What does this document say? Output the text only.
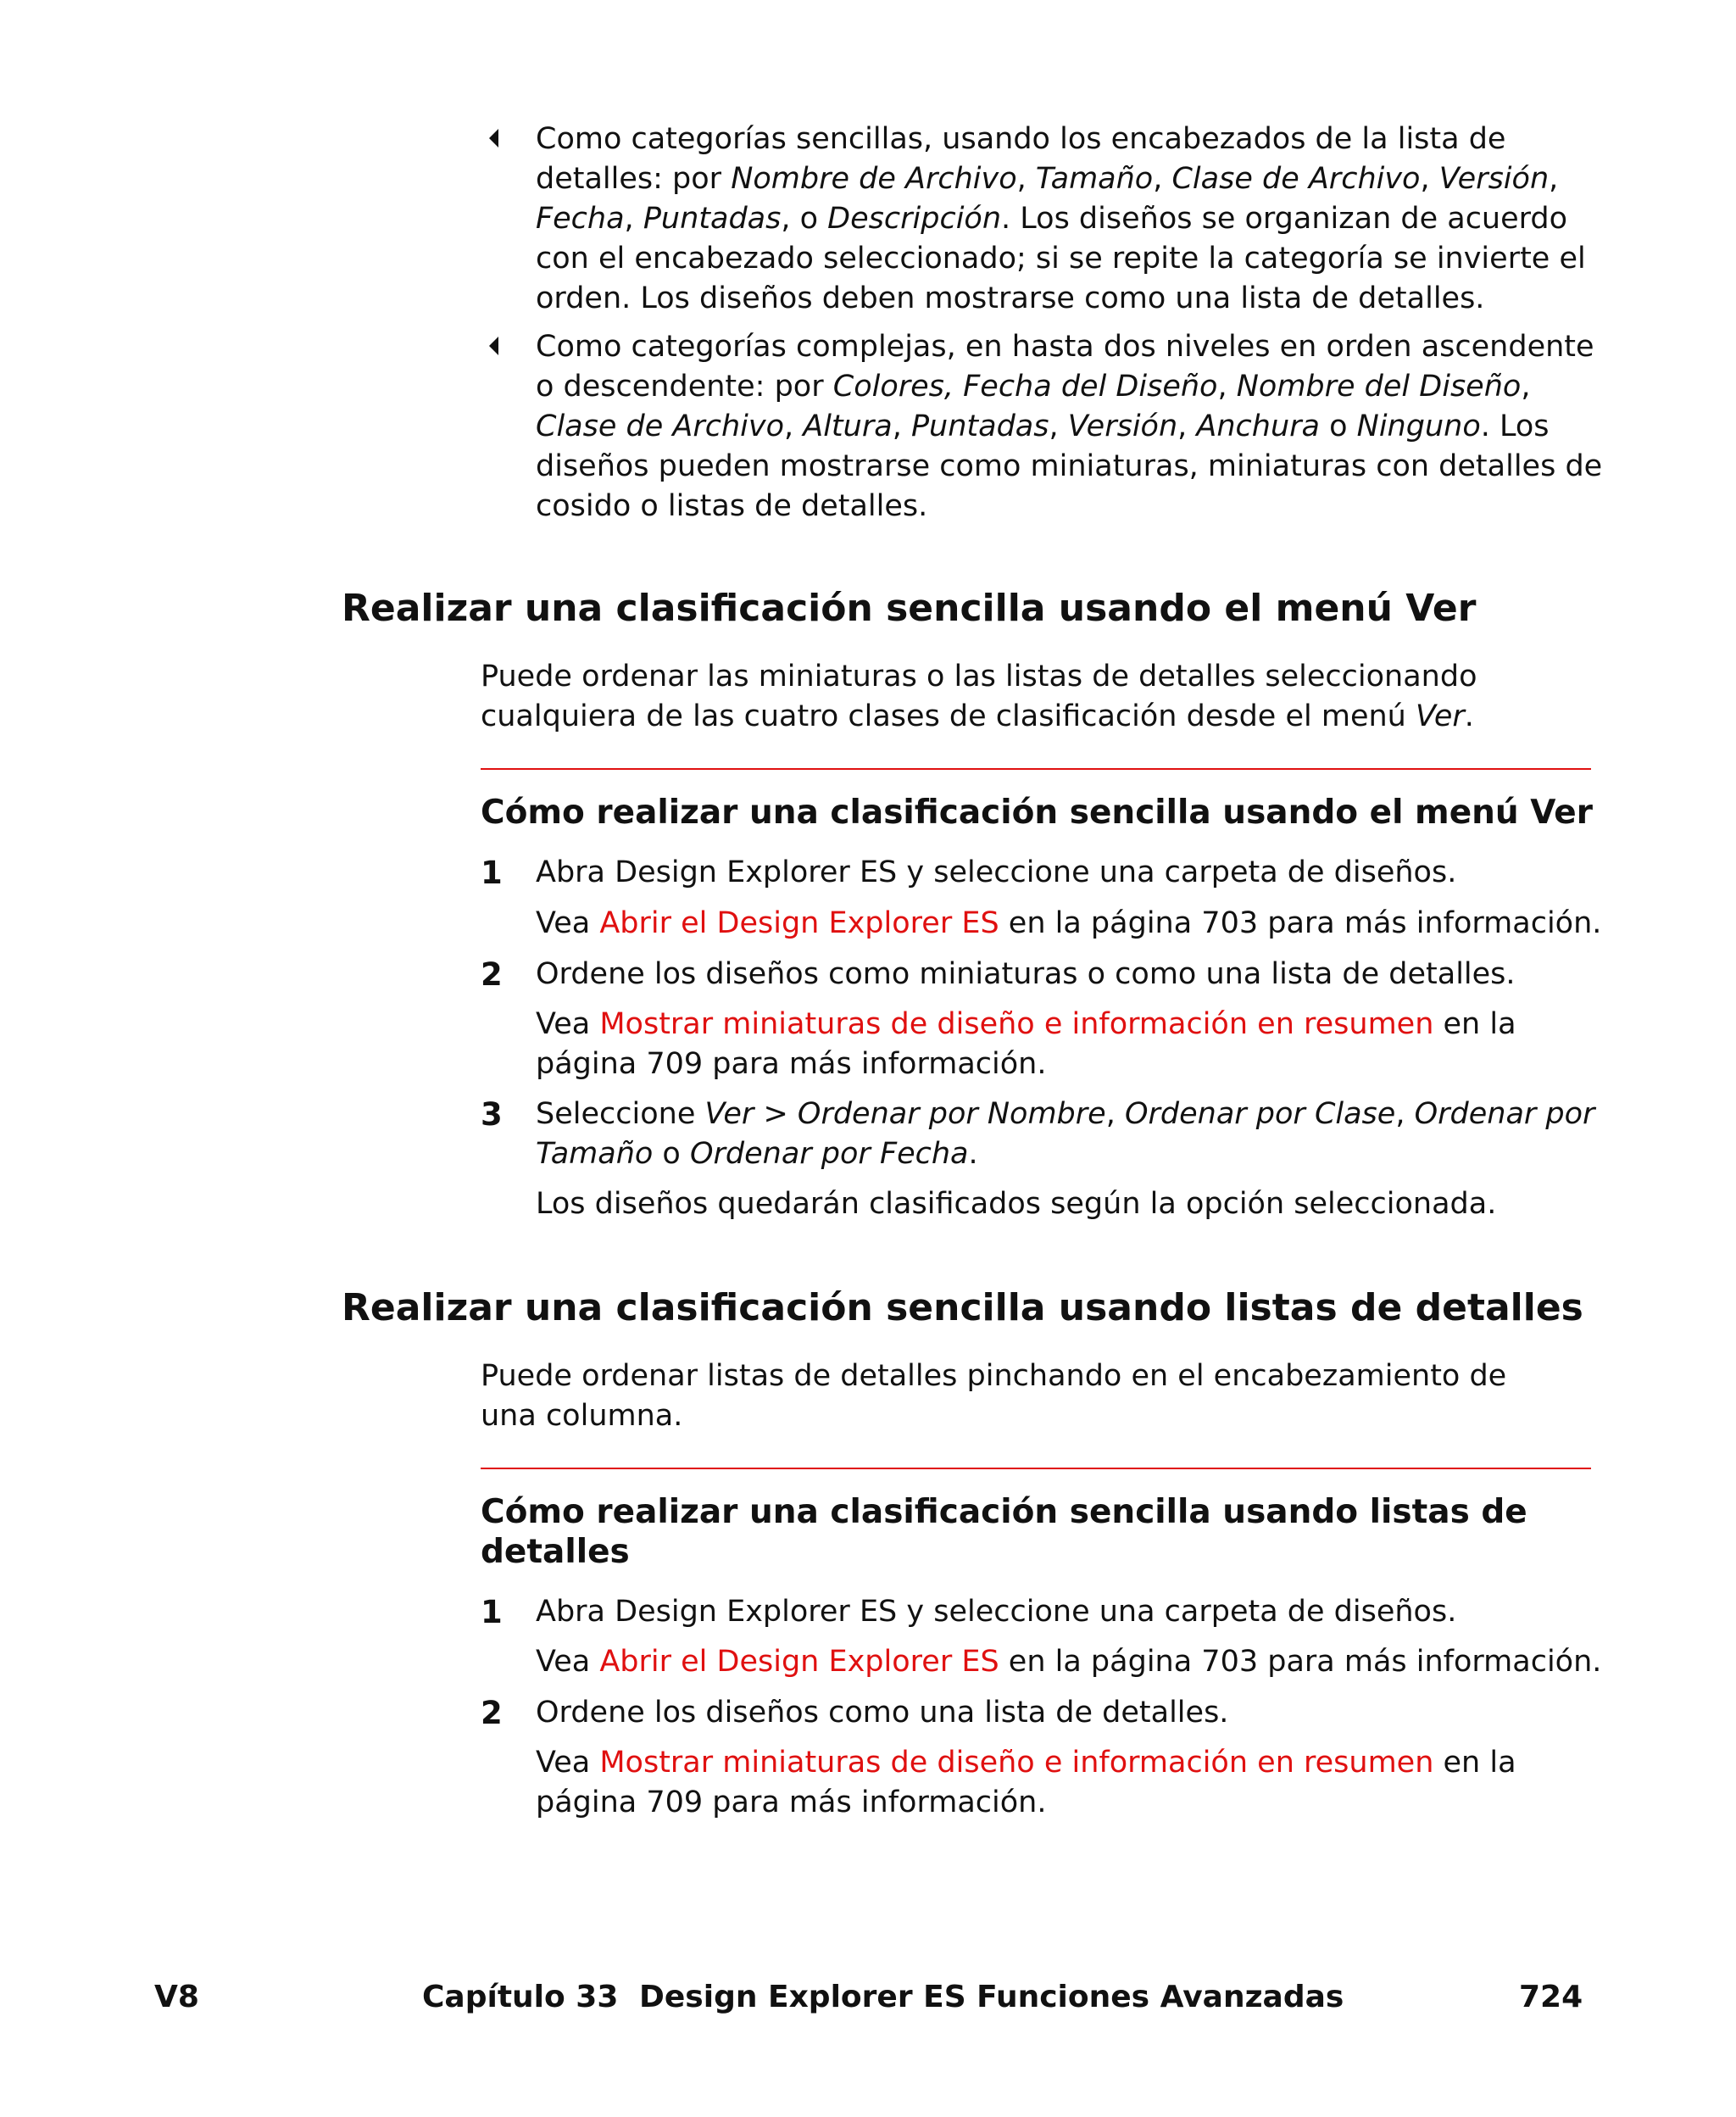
Como categorías sencillas, usando los encabezados de la lista de detalles: por Nombre de Archivo, Tamaño, Clase de Archivo, Versión, Fecha, Puntadas, o Descripción. Los diseños se organizan de acuerdo con el encabezado seleccionado; si se repite la categoría se invierte el orden. Los diseños deben mostrarse como una lista de detalles.
Como categorías complejas, en hasta dos niveles en orden ascendente o descendente: por Colores, Fecha del Diseño, Nombre del Diseño, Clase de Archivo, Altura, Puntadas, Versión, Anchura o Ninguno. Los diseños pueden mostrarse como miniaturas, miniaturas con detalles de cosido o listas de detalles.
Realizar una clasificación sencilla usando el menú Ver
Puede ordenar las miniaturas o las listas de detalles seleccionando cualquiera de las cuatro clases de clasificación desde el menú Ver.
Cómo realizar una clasificación sencilla usando el menú Ver
1 Abra Design Explorer ES y seleccione una carpeta de diseños.
Vea Abrir el Design Explorer ES en la página 703 para más información.
2 Ordene los diseños como miniaturas o como una lista de detalles.
Vea Mostrar miniaturas de diseño e información en resumen en la página 709 para más información.
3 Seleccione Ver > Ordenar por Nombre, Ordenar por Clase, Ordenar por Tamaño o Ordenar por Fecha.
Los diseños quedarán clasificados según la opción seleccionada.
Realizar una clasificación sencilla usando listas de detalles
Puede ordenar listas de detalles pinchando en el encabezamiento de una columna.
Cómo realizar una clasificación sencilla usando listas de detalles
1 Abra Design Explorer ES y seleccione una carpeta de diseños.
Vea Abrir el Design Explorer ES en la página 703 para más información.
2 Ordene los diseños como una lista de detalles.
Vea Mostrar miniaturas de diseño e información en resumen en la página 709 para más información.
V8	Capítulo 33 Design Explorer ES Funciones Avanzadas	724
